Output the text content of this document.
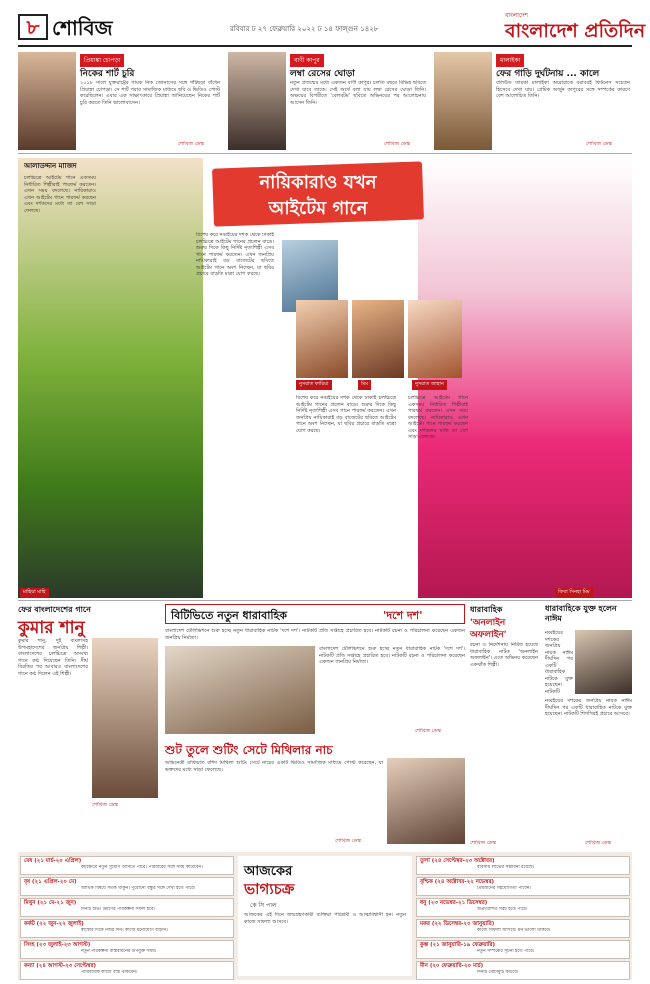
৮ শোবিজ	রবিবার ঢ ২৭ ফেব্রুয়ারি ২০২২ ঢ ১৪ ফাল্গুন ১৪২৮
বাংলাদেশ
বাংলাদেশ প্রতিদিন
প্রিয়াঙ্কা চোপড়া
নিকের শার্ট চুরি
২০১৮ সালে যুক্তরাষ্ট্রের গায়ক নিক জোনাসের সঙ্গে গাঁটছড়া বাঁধেন প্রিয়াঙ্কা চোপড়া। সে শার্ট পরার সামাজিক মাধ্যমে ছবি ও ভিডিও পোস্ট করেছিলেন। এবার এক সাক্ষাৎকারে প্রিয়াঙ্কা জানিয়েছেন নিকের শার্ট চুরি করতে তিনি ভালোবাসেন।
শোবিজ ডেস্ক
বাণী কাপুর
লম্বা রেসের ঘোড়া
নতুন প্রজন্মের মধ্যে একজন বাণী কাপুর। চলতি বছরে বিভিন্ন ছবিতে দেখা যাবে তাকে। সেই অর্থে বলা যায় লম্বা রেসের ঘোড়া তিনি। অক্ষয়ের বিপরীতে 'বেলবটম' ছবিতে অভিনয়ের পর আলোচনায় আসেন তিনি।
শোবিজ ডেস্ক
মালাইকা
ফের গাড়ি দুর্ঘটনায় ... কালে
বলিউড তারকা মালাইকা অরোরাকে বরাবরই ফিটনেস সচেতন হিসেবে দেখা যায়। প্রেমিক অর্জুন কাপুরের সঙ্গে সম্পর্কের কারণে বেশ আলোচিত তিনি।
শোবিজ ডেস্ক
আলাউদ্দীন মাজিদ
চলচ্চিত্রে আইটেম গানে একসময় নির্ধারিত শিল্পীরাই পারফর্ম করতেন। এখন সময় বদলেছে। নায়িকারাও এখন আইটেম গানে পারফর্ম করছেন এবং দর্শকদের মধ্যে তা বেশ সাড়া ফেলছে।
নায়িকারাও যখন
আইটেম গানে
বিশেষ করে নব্বইয়ের দশক থেকে ঢাকাই চলচ্চিত্রে আইটেম গানের প্রচলন বাড়ে। শুরুর দিকে কিছু নির্দিষ্ট নৃত্যশিল্পী এসব গানে পারফর্ম করতেন। এখন জনপ্রিয় নায়িকারাই বড় বাজেটের ছবিতে আইটেম গানে অংশ নিচ্ছেন, যা ছবির প্রচারে বাড়তি মাত্রা যোগ করছে।
মাহিয়া মাহি
নুসরাত ফারিয়া	মিম	নুসরাত জাহান
বিদ্যা সিনহা মিম
বিশেষ করে নব্বইয়ের দশক থেকে ঢাকাই চলচ্চিত্রে আইটেম গানের প্রচলন বাড়ে। শুরুর দিকে কিছু নির্দিষ্ট নৃত্যশিল্পী এসব গানে পারফর্ম করতেন। এখন জনপ্রিয় নায়িকারাই বড় বাজেটের ছবিতে আইটেম গানে অংশ নিচ্ছেন, যা ছবির প্রচারে বাড়তি মাত্রা যোগ করছে।
চলচ্চিত্রে আইটেম গানে একসময় নির্ধারিত শিল্পীরাই পারফর্ম করতেন। এখন সময় বদলেছে। নায়িকারাও এখন আইটেম গানে পারফর্ম করছেন এবং দর্শকদের মধ্যে তা বেশ সাড়া ফেলছে।
ফের বাংলাদেশের গানে
কুমার শানু
কুমার শানু, দুই বাংলাসহ উপমহাদেশের জনপ্রিয় শিল্পী। বাংলাদেশের চলচ্চিত্রে অসংখ্য গানে কণ্ঠ দিয়েছেন তিনি। দীর্ঘ বিরতির পর আবারও বাংলাদেশের গানে কণ্ঠ দিলেন এই শিল্পী।
শোবিজ ডেস্ক
বিটিভিতে নতুন ধারাবাহিক	'দশে দশ'
বাংলাদেশ টেলিভিশনে শুরু হচ্ছে নতুন ধারাবাহিক নাটক 'দশে দশ'। নাটকটি প্রতি সপ্তাহে প্রচারিত হবে। নাটকটি রচনা ও পরিচালনা করেছেন একজন জনপ্রিয় নির্মাতা।
বাংলাদেশ টেলিভিশনে শুরু হচ্ছে নতুন ধারাবাহিক নাটক 'দশে দশ'। নাটকটি প্রতি সপ্তাহে প্রচারিত হবে। নাটকটি রচনা ও পরিচালনা করেছেন একজন জনপ্রিয় নির্মাতা।
শোবিজ ডেস্ক
শুট তুলে শুটিং সেটে মিথিলার নাচ
অভিনেত্রী রাফিয়াত রশিদ মিথিলা শুটিং সেটে নাচের একটি ভিডিও সামাজিক মাধ্যমে পোস্ট করেছেন, যা ভক্তদের মধ্যে সাড়া ফেলেছে।
শোবিজ ডেস্ক
ধারাবাহিক
'অনলাইন
অফলাইন'
রচনা ও নির্দেশনায় নির্মিত হয়েছে ধারাবাহিক নাটক 'অনলাইন অফলাইন'। এতে অভিনয় করেছেন একঝাঁক শিল্পী।
শোবিজ ডেস্ক
ধারাবাহিকে যুক্ত হলেন নাঈম
নব্বইয়ের দশকের জনপ্রিয় নায়ক নাঈম দীর্ঘদিন পর একটি ধারাবাহিক নাটকে যুক্ত হয়েছেন। নাটকটি
নব্বইয়ের দশকের জনপ্রিয় নায়ক নাঈম দীর্ঘদিন পর একটি ধারাবাহিক নাটকে যুক্ত হয়েছেন। নাটকটি শিগগিরই প্রচারে আসবে।
শোবিজ ডেস্ক
আজকের
ভাগ্যচক্র
কে সি পাল
আজকের এই দিনে জন্মগ্রহণকারী ব্যক্তিরা পরিশ্রমী ও আত্মবিশ্বাসী হন। নতুন কাজে সাফল্য আসবে।
মেষ (২১ মার্চ-২০ এপ্রিল)
কর্মক্ষেত্রে নতুন সুযোগ আসতে পারে। পরিবারের সঙ্গে সময় কাটাবেন।
বৃষ (২১ এপ্রিল-২০ মে)
আর্থিক বিষয়ে সতর্ক থাকুন। পুরোনো বন্ধুর সঙ্গে দেখা হতে পারে।
মিথুন (২১ মে-২১ জুন)
দিনটি শুভ। ভ্রমণের পরিকল্পনা সফল হবে।
কর্কট (২২ জুন-২২ জুলাই)
স্বাস্থ্যের দিকে নজর দিন। কাজে মনোযোগ বাড়ান।
সিংহ (২৩ জুলাই-২৩ আগস্ট)
নতুন পরিকল্পনা বাস্তবায়নের উপযুক্ত সময়।
কন্যা (২৪ আগস্ট-২৩ সেপ্টেম্বর)
পারিবারিক কাজে ব্যস্ত থাকবেন।
তুলা (২৪ সেপ্টেম্বর-২৩ অক্টোবর)
ব্যবসায় লাভের সম্ভাবনা রয়েছে।
বৃশ্চিক (২৪ অক্টোবর-২২ নভেম্বর)
প্রিয়জনের সহযোগিতা পাবেন।
ধনু (২৩ নভেম্বর-২১ ডিসেম্বর)
অপ্রত্যাশিত খরচ হতে পারে।
মকর (২২ ডিসেম্বর-২০ জানুয়ারি)
কাজে সাফল্য আসবে। মন ভালো থাকবে।
কুম্ভ (২১ জানুয়ারি-১৯ ফেব্রুয়ারি)
নতুন সম্পর্কের সূচনা হতে পারে।
মীন (২০ ফেব্রুয়ারি-২০ মার্চ)
দিনটি মোটামুটি কাটবে।
